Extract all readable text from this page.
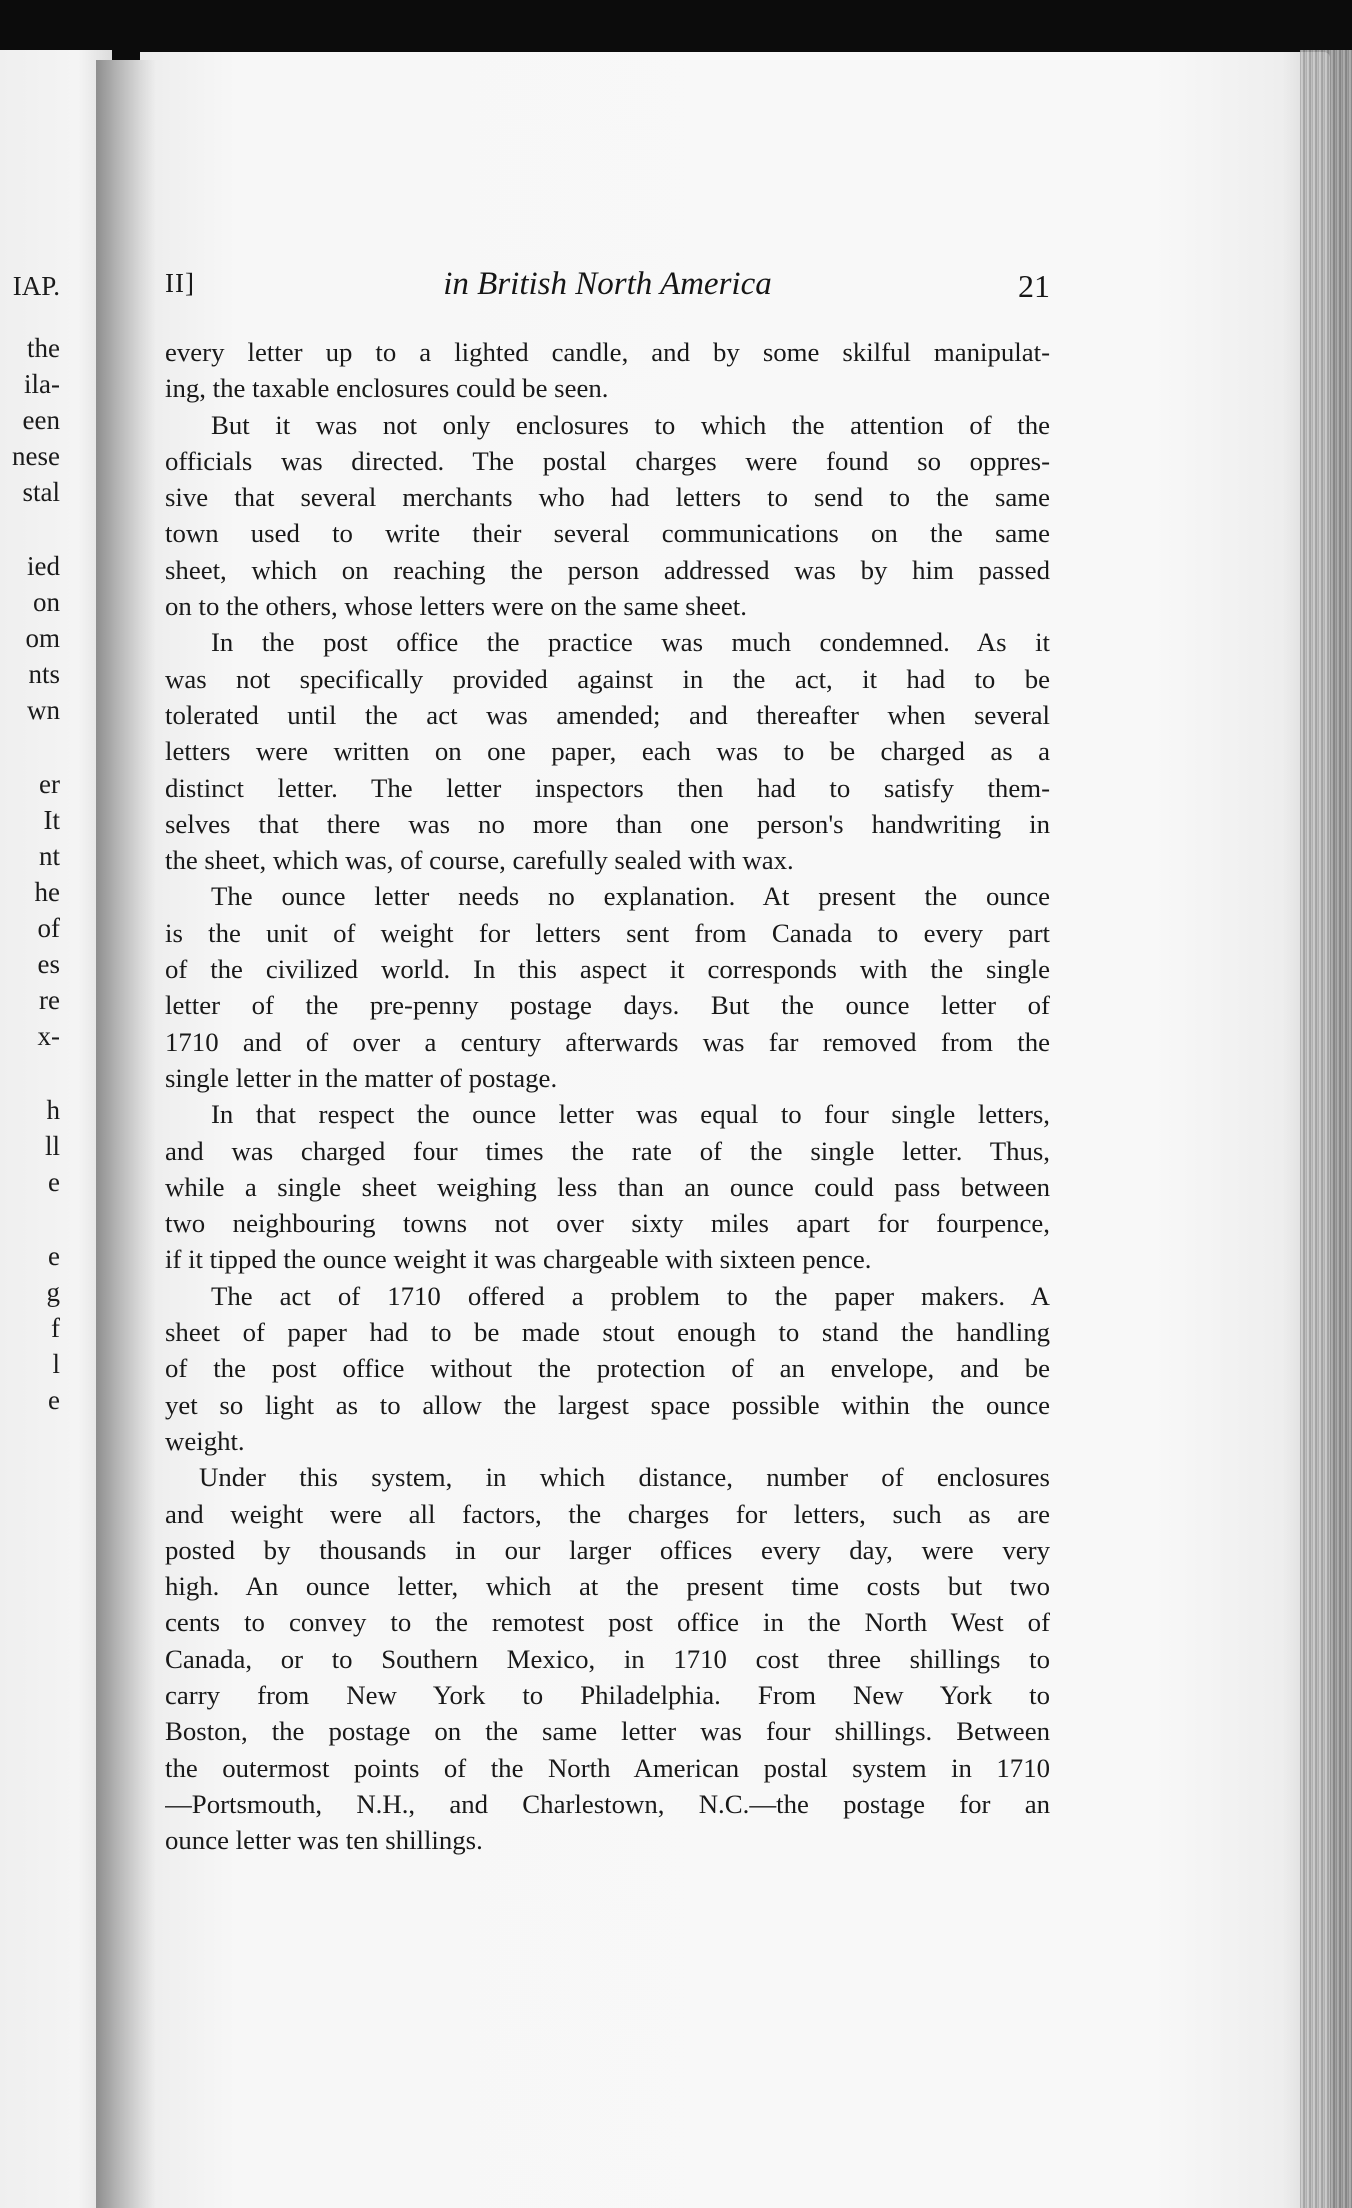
IAP.
the
ila-
een
nese
stal
ied
on
om
nts
wn
er
It
nt
he
of
es
re
x-
h
ll
e
e
g
f
l
e
II]	in British North America	21
every letter up to a lighted candle, and by some skilful manipulat-
ing, the taxable enclosures could be seen.
But it was not only enclosures to which the attention of the
officials was directed. The postal charges were found so oppres-
sive that several merchants who had letters to send to the same
town used to write their several communications on the same
sheet, which on reaching the person addressed was by him passed
on to the others, whose letters were on the same sheet.
In the post office the practice was much condemned. As it
was not specifically provided against in the act, it had to be
tolerated until the act was amended; and thereafter when several
letters were written on one paper, each was to be charged as a
distinct letter. The letter inspectors then had to satisfy them-
selves that there was no more than one person's handwriting in
the sheet, which was, of course, carefully sealed with wax.
The ounce letter needs no explanation. At present the ounce
is the unit of weight for letters sent from Canada to every part
of the civilized world. In this aspect it corresponds with the single
letter of the pre-penny postage days. But the ounce letter of
1710 and of over a century afterwards was far removed from the
single letter in the matter of postage.
In that respect the ounce letter was equal to four single letters,
and was charged four times the rate of the single letter. Thus,
while a single sheet weighing less than an ounce could pass between
two neighbouring towns not over sixty miles apart for fourpence,
if it tipped the ounce weight it was chargeable with sixteen pence.
The act of 1710 offered a problem to the paper makers. A
sheet of paper had to be made stout enough to stand the handling
of the post office without the protection of an envelope, and be
yet so light as to allow the largest space possible within the ounce
weight.
Under this system, in which distance, number of enclosures
and weight were all factors, the charges for letters, such as are
posted by thousands in our larger offices every day, were very
high. An ounce letter, which at the present time costs but two
cents to convey to the remotest post office in the North West of
Canada, or to Southern Mexico, in 1710 cost three shillings to
carry from New York to Philadelphia. From New York to
Boston, the postage on the same letter was four shillings. Between
the outermost points of the North American postal system in 1710
—Portsmouth, N.H., and Charlestown, N.C.—the postage for an
ounce letter was ten shillings.
